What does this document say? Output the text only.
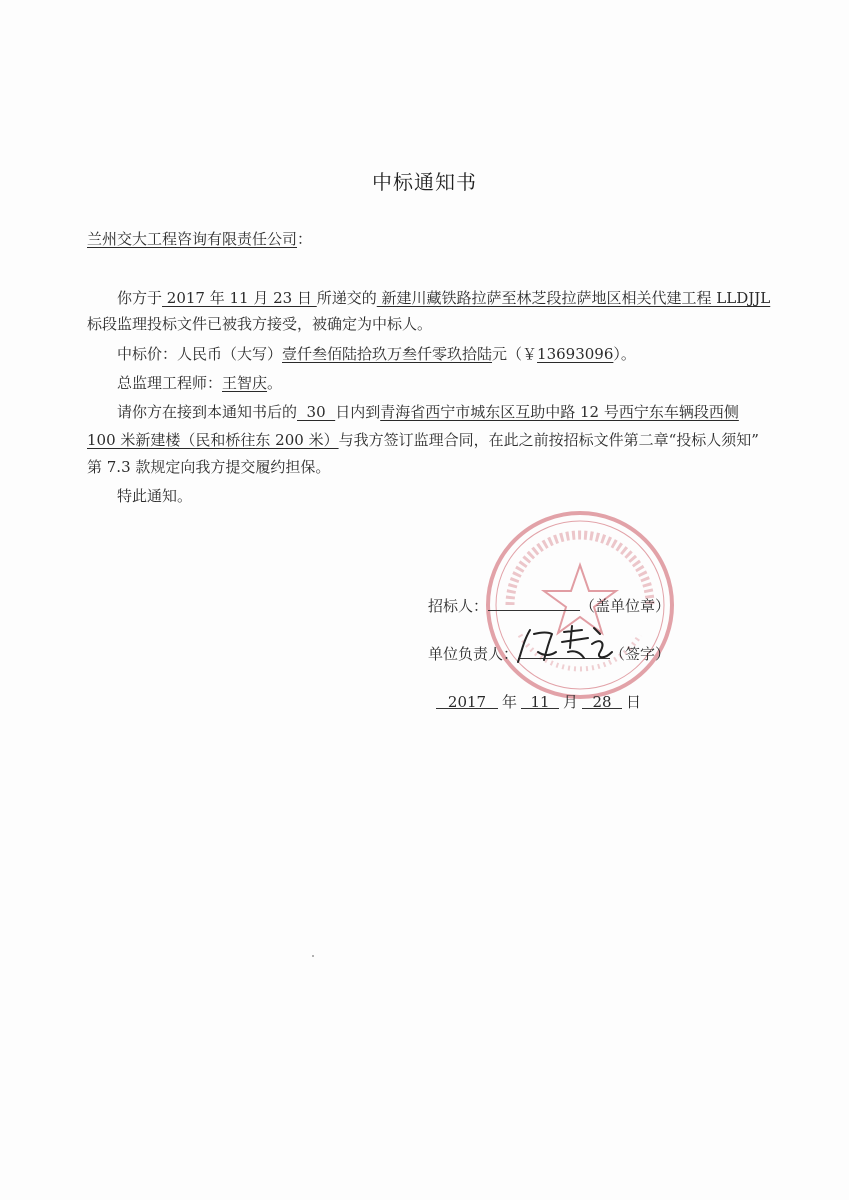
中标通知书
兰州交大工程咨询有限责任公司：
你方于 2017 年 11 月 23 日 所递交的 新建川藏铁路拉萨至林芝段拉萨地区相关代建工程 LLDJJL
标段监理投标文件已被我方接受，被确定为中标人。
中标价：人民币（大写）壹仟叁佰陆拾玖万叁仟零玖拾陆元（￥13693096）。
总监理工程师：王智庆。
请你方在接到本通知书后的  30  日内到青海省西宁市城东区互助中路 12 号西宁东车辆段西侧
100 米新建楼（民和桥往东 200 米）与我方签订监理合同，在此之前按招标文件第二章“投标人须知”
第 7.3 款规定向我方提交履约担保。
特此通知。
招标人：	（盖单位章）
单位负责人：	（签字）
2017 年 11 月 28 日
